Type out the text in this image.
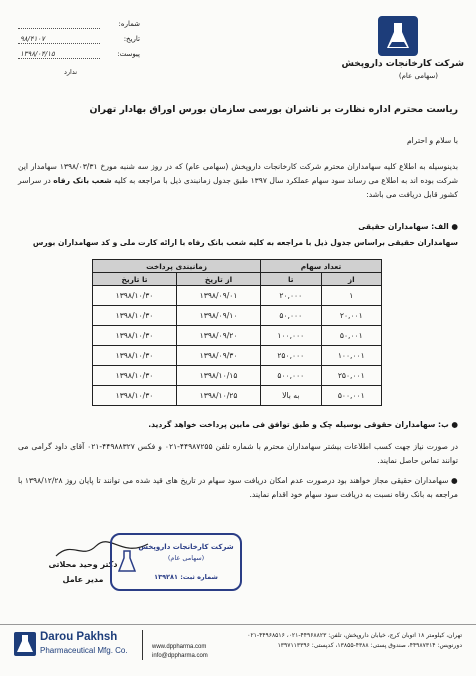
شرکت کارخانجات داروپخش
(سهامی عام)
شماره:
تاریخ:
۹۸/۴۱۰۷
پیوست:
۱۳۹۸/۰۴/۱۵
ندارد
ریاست محترم اداره نظارت بر ناشران بورسی سازمان بورس اوراق بهادار تهران
با سلام و احترام
بدینوسیله به اطلاع کلیه سهامداران محترم شرکت کارخانجات داروپخش (سهامی عام) که در روز سه شنبه مورخ ۱۳۹۸/۰۳/۳۱ سهامدار این شرکت بوده اند به اطلاع می رساند سود سهام عملکرد سال ۱۳۹۷ طبق جدول زمانبندی ذیل با مراجعه به کلیه شعب بانک رفاه در سراسر کشور قابل دریافت می باشد:
● الف: سهامداران حقیقی
سهامداران حقیقی براساس جدول ذیل با مراجعه به کلیه شعب بانک رفاه با ارائه کارت ملی و کد سهامداران بورس
تعداد سهام		زمانبندی پرداخت	
از	تا	از تاریخ	تا تاریخ
۱	۲۰,۰۰۰	۱۳۹۸/۰۹/۰۱	۱۳۹۸/۱۰/۳۰
۲۰,۰۰۱	۵۰,۰۰۰	۱۳۹۸/۰۹/۱۰	۱۳۹۸/۱۰/۳۰
۵۰,۰۰۱	۱۰۰,۰۰۰	۱۳۹۸/۰۹/۲۰	۱۳۹۸/۱۰/۳۰
۱۰۰,۰۰۱	۲۵۰,۰۰۰	۱۳۹۸/۰۹/۳۰	۱۳۹۸/۱۰/۳۰
۲۵۰,۰۰۱	۵۰۰,۰۰۰	۱۳۹۸/۱۰/۱۵	۱۳۹۸/۱۰/۳۰
۵۰۰,۰۰۱	به بالا	۱۳۹۸/۱۰/۲۵	۱۳۹۸/۱۰/۳۰
● ب: سهامداران حقوقی بوسیله چک و طبق توافق فی مابین پرداخت خواهد گردید.
در صورت نیاز جهت کسب اطلاعات بیشتر سهامداران محترم با شماره تلفن ۴۴۹۸۷۲۵۵-۰۲۱ و فکس ۴۴۹۸۸۳۲۷-۰۲۱ آقای داود گرامی می توانند تماس حاصل نمایند.
● سهامداران حقیقی مجاز خواهند بود درصورت عدم امکان دریافت سود سهام در تاریخ های قید شده می توانند تا پایان روز ۱۳۹۸/۱۲/۲۸ با مراجعه به بانک رفاه نسبت به دریافت سود سهام خود اقدام نمایند.
دکتر وحید محلاتی
مدیر عامل
شرکت کارخانجات داروپخش
(سهامی عام)
شماره ثبت: ۱۳۹۲۸۱
Darou Pakhsh
Pharmaceutical Mfg. Co.
تهران، کیلومتر ۱۸ اتوبان کرج، خیابان داروپخش، تلفن: ۴۴۹۶۸۸۲۳-۰۲۱، ۴۴۹۶۸۵۱۶-۰۲۱
دورنویس: ۴۴۹۸۷۳۱۴، صندوق پستی: ۴۳۸۸-۱۳۸۵۵، کدپستی: ۱۳۹۷۱۱۳۳۹۶
www.dppharma.com
info@dppharma.com
